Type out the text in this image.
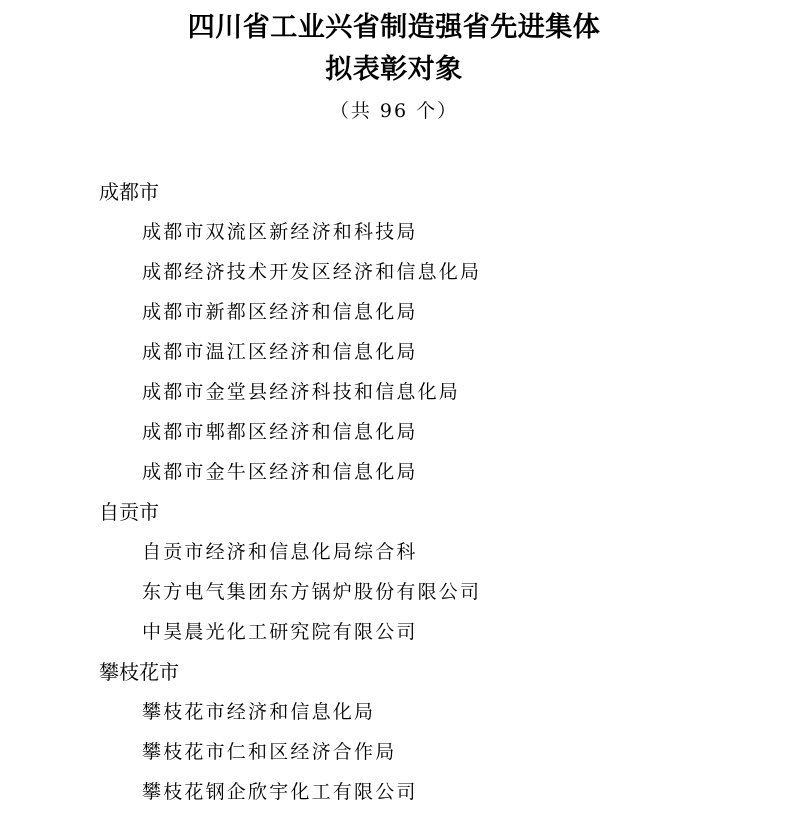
四川省工业兴省制造强省先进集体
拟表彰对象
（共 96 个）
成都市
成都市双流区新经济和科技局
成都经济技术开发区经济和信息化局
成都市新都区经济和信息化局
成都市温江区经济和信息化局
成都市金堂县经济科技和信息化局
成都市郫都区经济和信息化局
成都市金牛区经济和信息化局
自贡市
自贡市经济和信息化局综合科
东方电气集团东方锅炉股份有限公司
中昊晨光化工研究院有限公司
攀枝花市
攀枝花市经济和信息化局
攀枝花市仁和区经济合作局
攀枝花钢企欣宇化工有限公司
